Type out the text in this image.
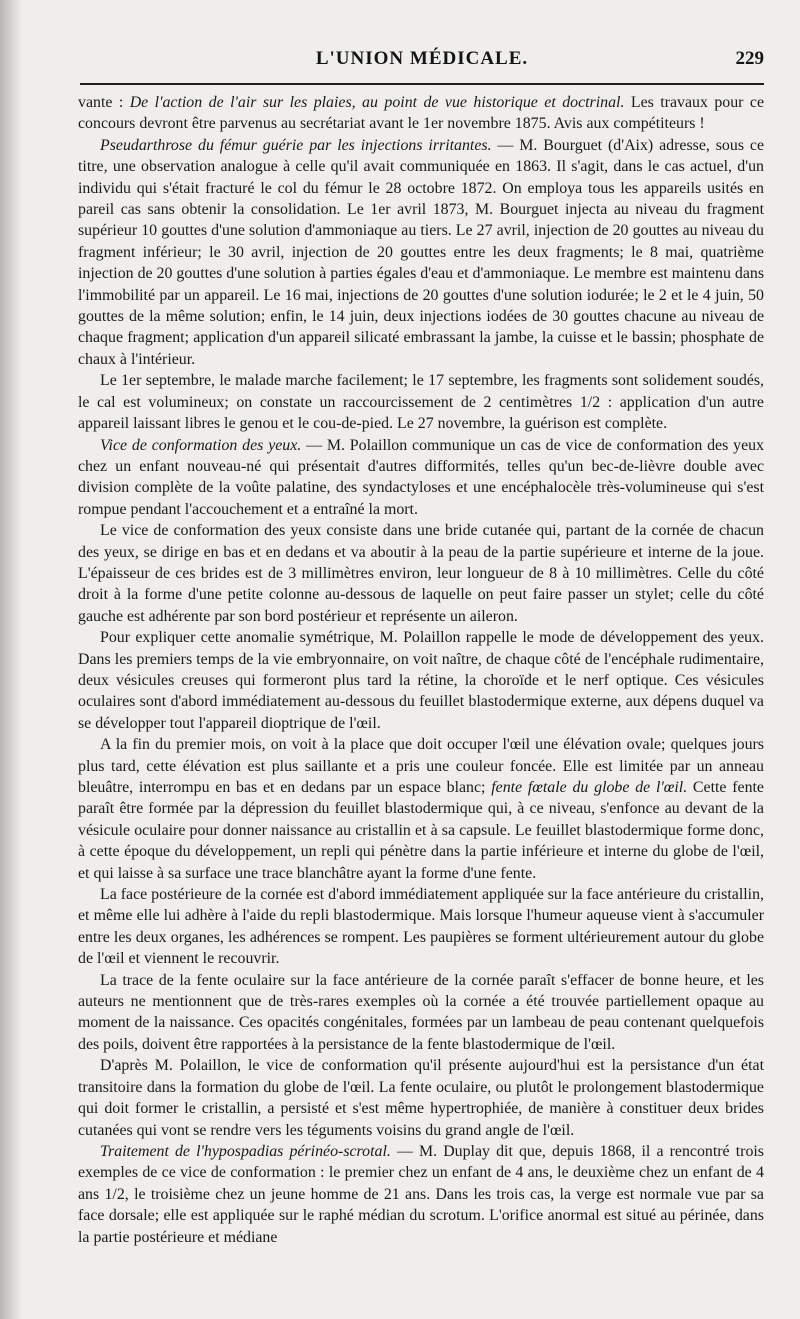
L'UNION MÉDICALE.	229

vante : De l'action de l'air sur les plaies, au point de vue historique et doctrinal. Les travaux pour ce concours devront être parvenus au secrétariat avant le 1er novembre 1875. Avis aux compétiteurs !

Pseudarthrose du fémur guérie par les injections irritantes. — M. Bourguet (d'Aix) adresse, sous ce titre, une observation analogue à celle qu'il avait communiquée en 1863. Il s'agit, dans le cas actuel, d'un individu qui s'était fracturé le col du fémur le 28 octobre 1872. On employa tous les appareils usités en pareil cas sans obtenir la consolidation. Le 1er avril 1873, M. Bourguet injecta au niveau du fragment supérieur 10 gouttes d'une solution d'ammoniaque au tiers. Le 27 avril, injection de 20 gouttes au niveau du fragment inférieur; le 30 avril, injection de 20 gouttes entre les deux fragments; le 8 mai, quatrième injection de 20 gouttes d'une solution à parties égales d'eau et d'ammoniaque. Le membre est maintenu dans l'immobilité par un appareil. Le 16 mai, injections de 20 gouttes d'une solution iodurée; le 2 et le 4 juin, 50 gouttes de la même solution; enfin, le 14 juin, deux injections iodées de 30 gouttes chacune au niveau de chaque fragment; application d'un appareil silicaté embrassant la jambe, la cuisse et le bassin; phosphate de chaux à l'intérieur.

Le 1er septembre, le malade marche facilement; le 17 septembre, les fragments sont solidement soudés, le cal est volumineux; on constate un raccourcissement de 2 centimètres 1/2 : application d'un autre appareil laissant libres le genou et le cou-de-pied. Le 27 novembre, la guérison est complète.

Vice de conformation des yeux. — M. Polaillon communique un cas de vice de conformation des yeux chez un enfant nouveau-né qui présentait d'autres difformités, telles qu'un bec-de-lièvre double avec division complète de la voûte palatine, des syndactyloses et une encéphalocèle très-volumineuse qui s'est rompue pendant l'accouchement et a entraîné la mort.

Le vice de conformation des yeux consiste dans une bride cutanée qui, partant de la cornée de chacun des yeux, se dirige en bas et en dedans et va aboutir à la peau de la partie supérieure et interne de la joue. L'épaisseur de ces brides est de 3 millimètres environ, leur longueur de 8 à 10 millimètres. Celle du côté droit à la forme d'une petite colonne au-dessous de laquelle on peut faire passer un stylet; celle du côté gauche est adhérente par son bord postérieur et représente un aileron.

Pour expliquer cette anomalie symétrique, M. Polaillon rappelle le mode de développement des yeux. Dans les premiers temps de la vie embryonnaire, on voit naître, de chaque côté de l'encéphale rudimentaire, deux vésicules creuses qui formeront plus tard la rétine, la choroïde et le nerf optique. Ces vésicules oculaires sont d'abord immédiatement au-dessous du feuillet blastodermique externe, aux dépens duquel va se développer tout l'appareil dioptrique de l'œil.

A la fin du premier mois, on voit à la place que doit occuper l'œil une élévation ovale; quelques jours plus tard, cette élévation est plus saillante et a pris une couleur foncée. Elle est limitée par un anneau bleuâtre, interrompu en bas et en dedans par un espace blanc; fente fœtale du globe de l'œil. Cette fente paraît être formée par la dépression du feuillet blastodermique qui, à ce niveau, s'enfonce au devant de la vésicule oculaire pour donner naissance au cristallin et à sa capsule. Le feuillet blastodermique forme donc, à cette époque du développement, un repli qui pénètre dans la partie inférieure et interne du globe de l'œil, et qui laisse à sa surface une trace blanchâtre ayant la forme d'une fente.

La face postérieure de la cornée est d'abord immédiatement appliquée sur la face antérieure du cristallin, et même elle lui adhère à l'aide du repli blastodermique. Mais lorsque l'humeur aqueuse vient à s'accumuler entre les deux organes, les adhérences se rompent. Les paupières se forment ultérieurement autour du globe de l'œil et viennent le recouvrir.

La trace de la fente oculaire sur la face antérieure de la cornée paraît s'effacer de bonne heure, et les auteurs ne mentionnent que de très-rares exemples où la cornée a été trouvée partiellement opaque au moment de la naissance. Ces opacités congénitales, formées par un lambeau de peau contenant quelquefois des poils, doivent être rapportées à la persistance de la fente blastodermique de l'œil.

D'après M. Polaillon, le vice de conformation qu'il présente aujourd'hui est la persistance d'un état transitoire dans la formation du globe de l'œil. La fente oculaire, ou plutôt le prolongement blastodermique qui doit former le cristallin, a persisté et s'est même hypertrophiée, de manière à constituer deux brides cutanées qui vont se rendre vers les téguments voisins du grand angle de l'œil.

Traitement de l'hypospadias périnéo-scrotal. — M. Duplay dit que, depuis 1868, il a rencontré trois exemples de ce vice de conformation : le premier chez un enfant de 4 ans, le deuxième chez un enfant de 4 ans 1/2, le troisième chez un jeune homme de 21 ans. Dans les trois cas, la verge est normale vue par sa face dorsale; elle est appliquée sur le raphé médian du scrotum. L'orifice anormal est situé au périnée, dans la partie postérieure et médiane
